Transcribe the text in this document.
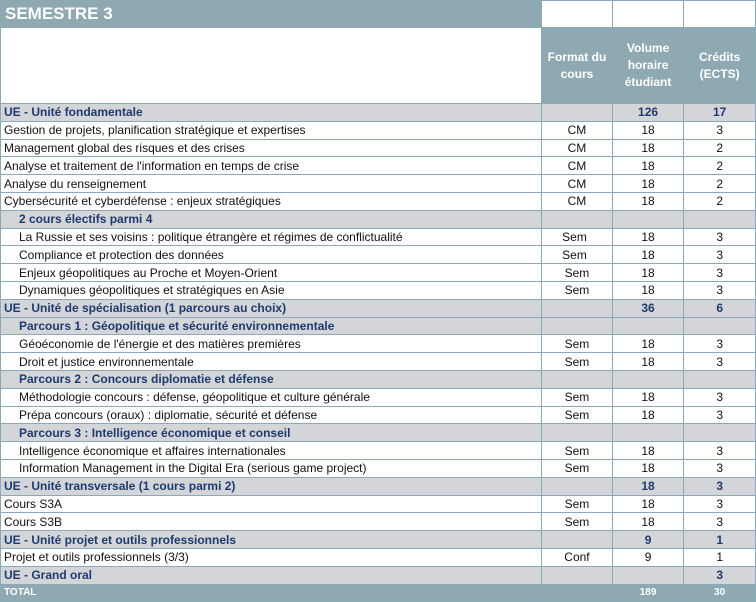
SEMESTRE 3			
	Format du cours	Volume horaire étudiant	Crédits (ECTS)
UE - Unité fondamentale		126	17
Gestion de projets, planification stratégique et expertises	CM	18	3
Management global des risques et des crises	CM	18	2
Analyse et traitement de l'information en temps de crise	CM	18	2
Analyse du renseignement	CM	18	2
Cybersécurité et cyberdéfense : enjeux stratégiques	CM	18	2
2 cours électifs parmi 4			
La Russie et ses voisins : politique étrangère et régimes de conflictualité	Sem	18	3
Compliance et protection des données	Sem	18	3
Enjeux géopolitiques au Proche et Moyen-Orient	Sem	18	3
Dynamiques géopolitiques et stratégiques en Asie	Sem	18	3
UE - Unité de spécialisation (1 parcours au choix)		36	6
Parcours 1 : Géopolitique et sécurité environnementale			
Géoéconomie de l'énergie et des matières premières	Sem	18	3
Droit et justice environnementale	Sem	18	3
Parcours 2 : Concours diplomatie et défense			
Méthodologie concours : défense, géopolitique et culture générale	Sem	18	3
Prépa concours (oraux) : diplomatie, sécurité et défense	Sem	18	3
Parcours 3 : Intelligence économique et conseil			
Intelligence économique et affaires internationales	Sem	18	3
Information Management in the Digital Era (serious game project)	Sem	18	3
UE - Unité transversale (1 cours parmi 2)		18	3
Cours S3A	Sem	18	3
Cours S3B	Sem	18	3
UE - Unité projet et outils professionnels		9	1
Projet et outils professionnels (3/3)	Conf	9	1
UE - Grand oral			3
TOTAL		189	30
